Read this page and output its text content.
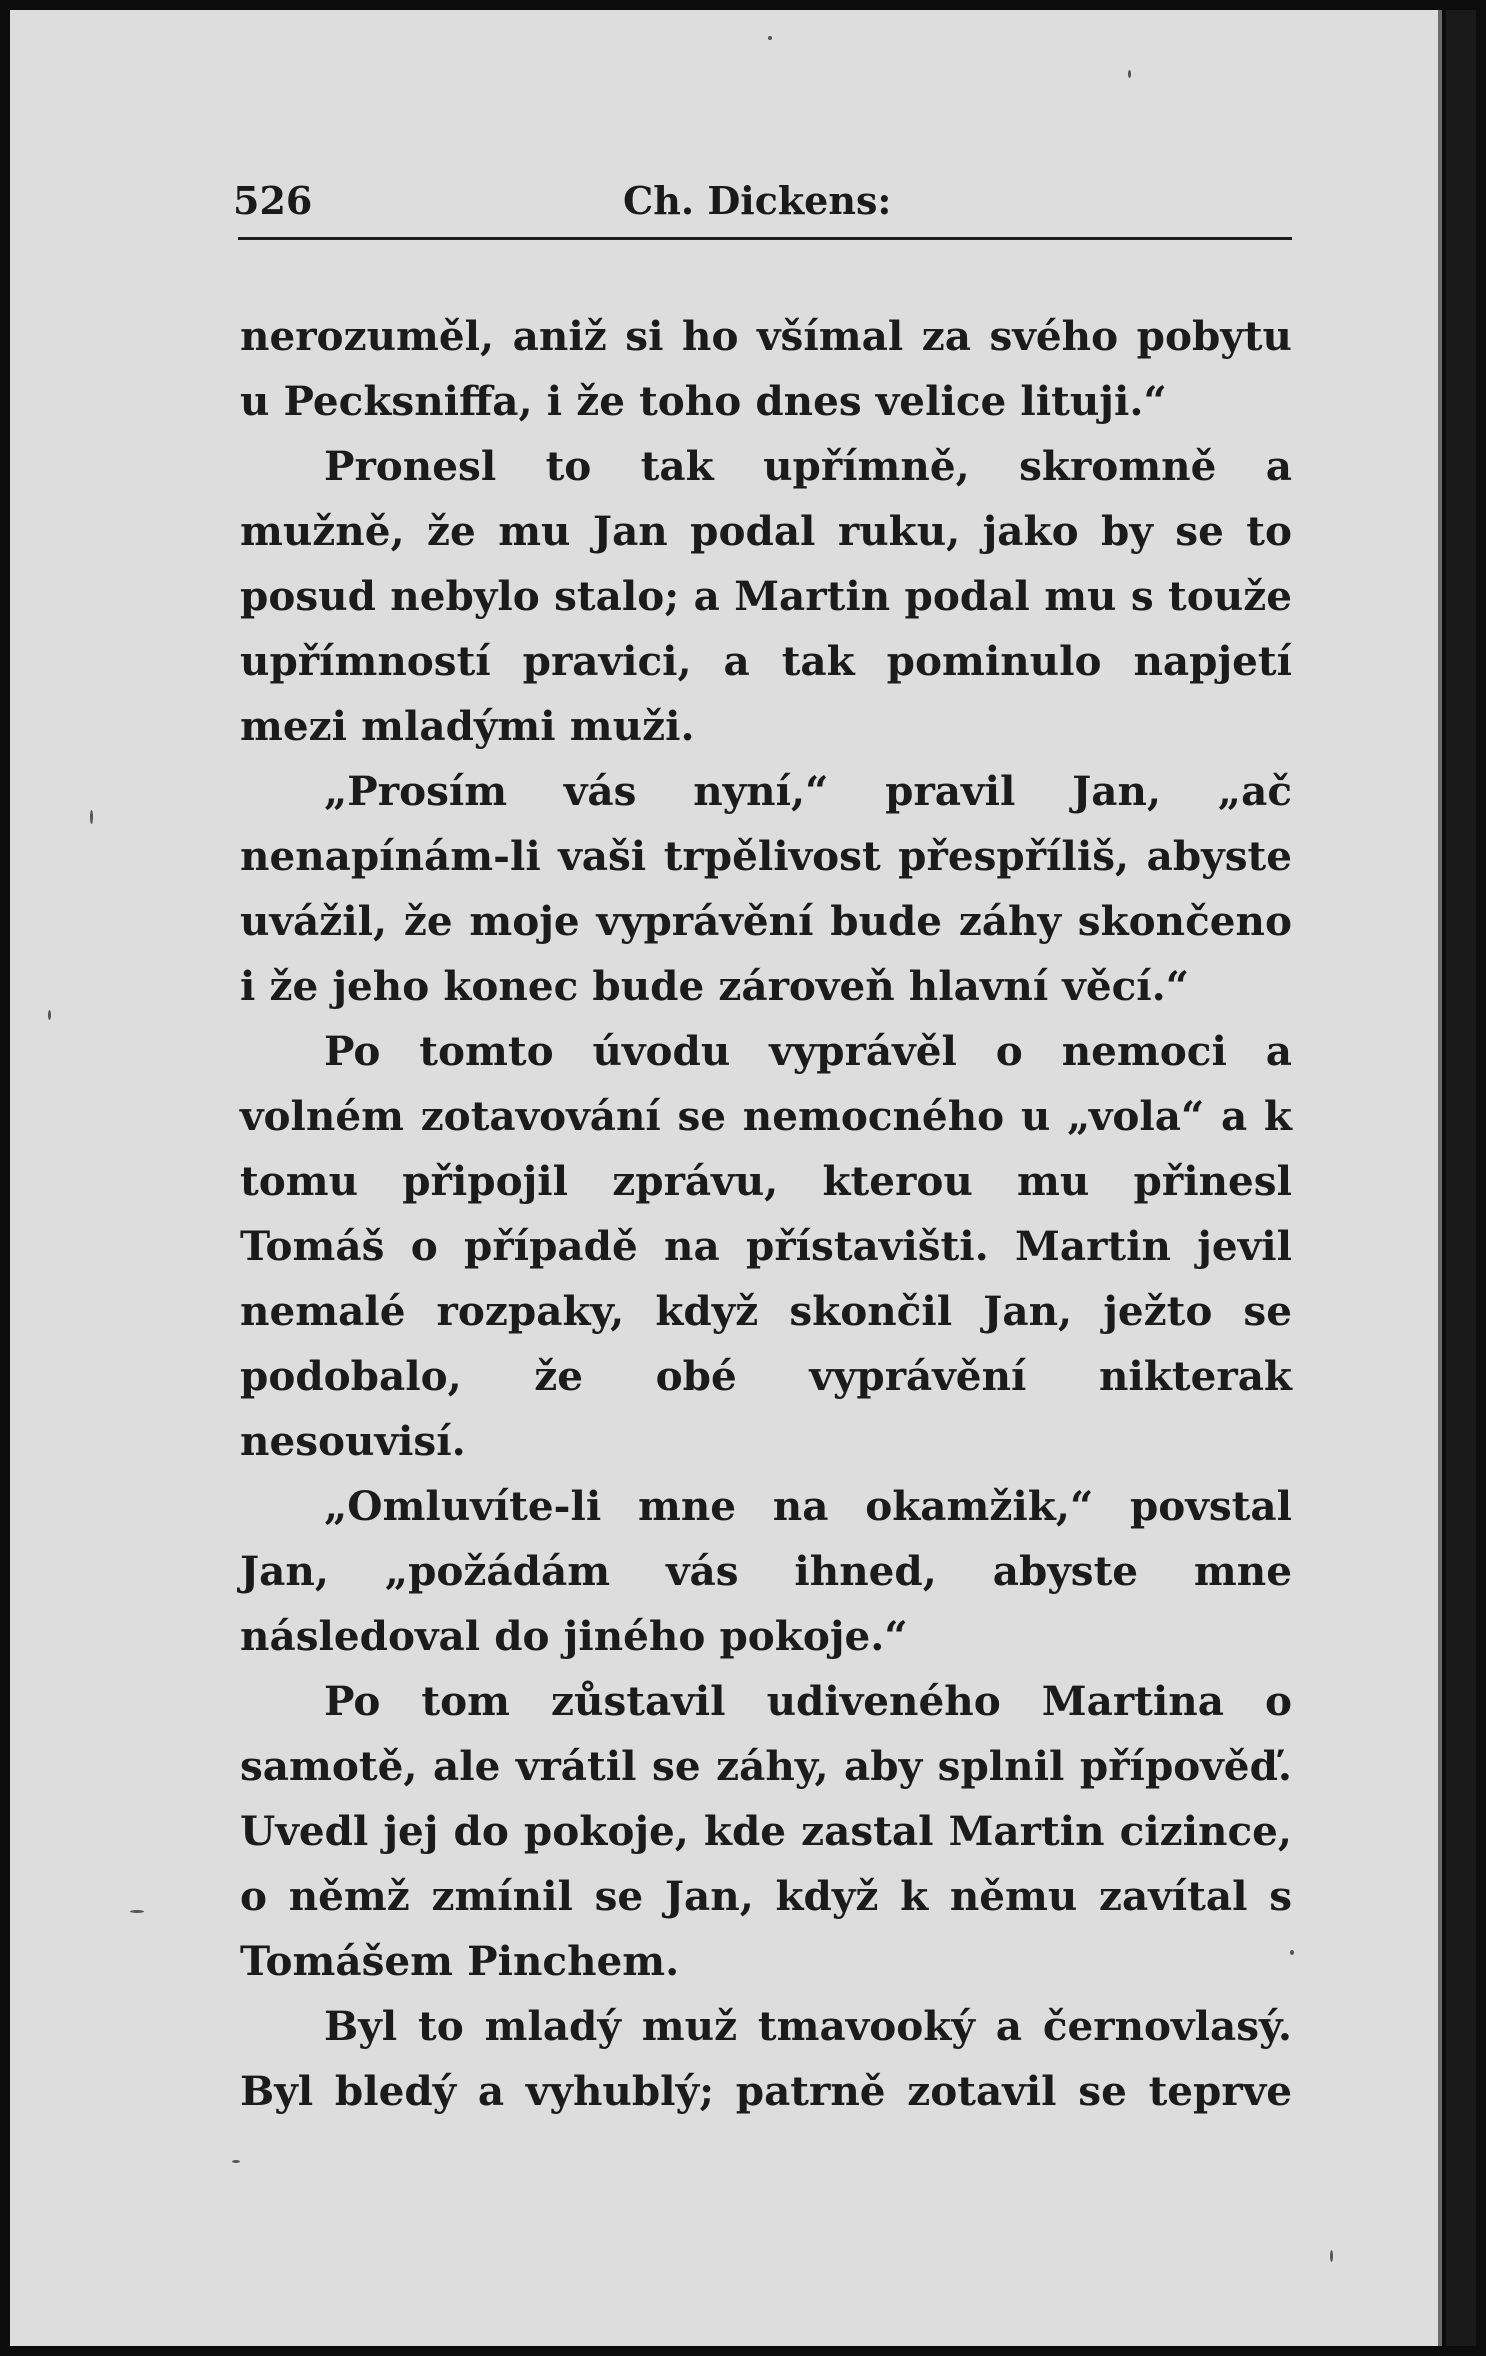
526	Ch. Dickens:

nerozuměl, aniž si ho všímal za svého pobytu u Pecksniffa, i že toho dnes velice lituji.“

Pronesl to tak upřímně, skromně a mužně, že mu Jan podal ruku, jako by se to posud nebylo stalo; a Martin podal mu s touže upřímností pravici, a tak pominulo napjetí mezi mladými muži.

„Prosím vás nyní,“ pravil Jan, „ač nenapínám-li vaši trpělivost přespříliš, abyste uvážil, že moje vyprávění bude záhy skončeno i že jeho konec bude zároveň hlavní věcí.“

Po tomto úvodu vyprávěl o nemoci a volném zotavování se nemocného u „vola“ a k tomu připojil zprávu, kterou mu přinesl Tomáš o případě na přístavišti. Martin jevil nemalé rozpaky, když skončil Jan, ježto se podobalo, že obé vyprávění nikterak nesouvisí.

„Omluvíte-li mne na okamžik,“ povstal Jan, „požádám vás ihned, abyste mne následoval do jiného pokoje.“

Po tom zůstavil udiveného Martina o samotě, ale vrátil se záhy, aby splnil přípověď. Uvedl jej do pokoje, kde zastal Martin cizince, o němž zmínil se Jan, když k němu zavítal s Tomášem Pinchem.

Byl to mladý muž tmavooký a černovlasý. Byl bledý a vyhublý; patrně zotavil se teprve
